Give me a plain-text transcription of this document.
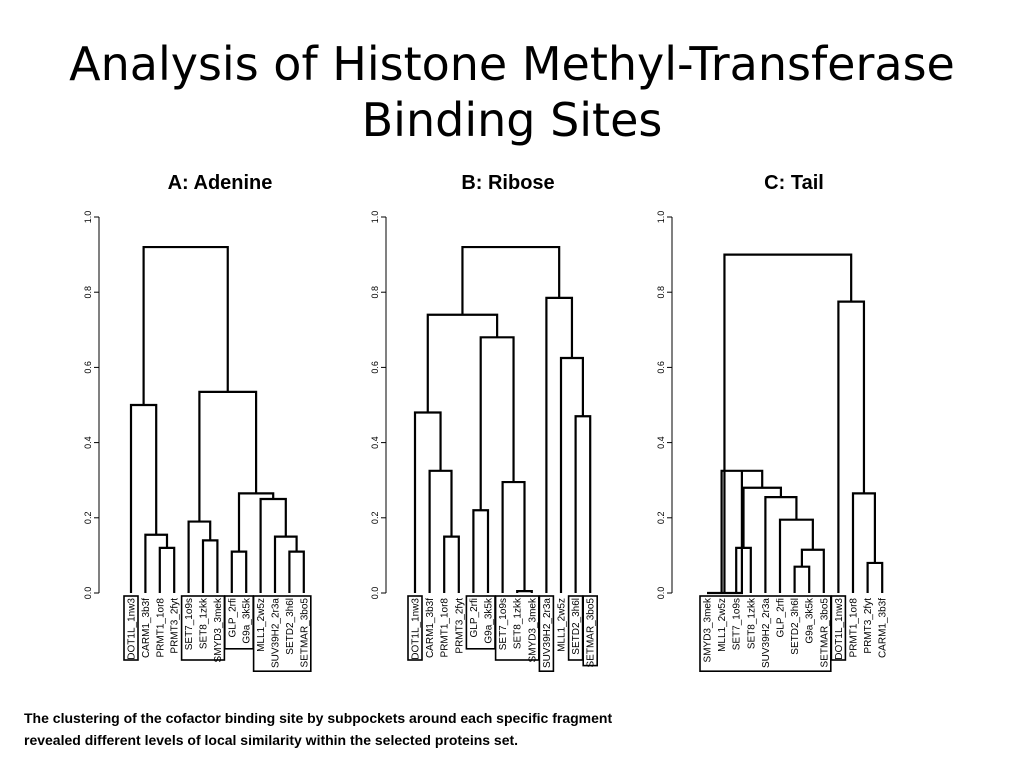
Analysis of Histone Methyl-Transferase
Binding Sites
A: Adenine
0.0
0.2
0.4
0.6
0.8
1.0
DOT1L_1nw3 CARM1_3b3f PRMT1_1or8 PRMT3_2fyt SET7_1o9s SET8_1zkk SMYD3_3mek GLP_2rfi G9a_3k5k MLL1_2w5z SUV39H2_2r3a SETD2_3h6l SETMAR_3bo5
B: Ribose
0.0
0.2
0.4
0.6
0.8
1.0
DOT1L_1nw3 CARM1_3b3f PRMT1_1or8 PRMT3_2fyt GLP_2rfi G9a_3k5k SET7_1o9s SET8_1zkk SMYD3_3mek SUV39H2_2r3a MLL1_2w5z SETD2_3h6l SETMAR_3bo5
C: Tail
0.0
0.2
0.4
0.6
0.8
1.0
SMYD3_3mek MLL1_2w5z SET7_1o9s SET8_1zkk SUV39H2_2r3a GLP_2rfi SETD2_3h6l G9a_3k5k SETMAR_3bo5 DOT1L_1nw3 PRMT1_1or8 PRMT3_2fyt CARM1_3b3f

The clustering of the cofactor binding site by subpockets around each specific fragment
revealed different levels of local similarity within the selected proteins set.
